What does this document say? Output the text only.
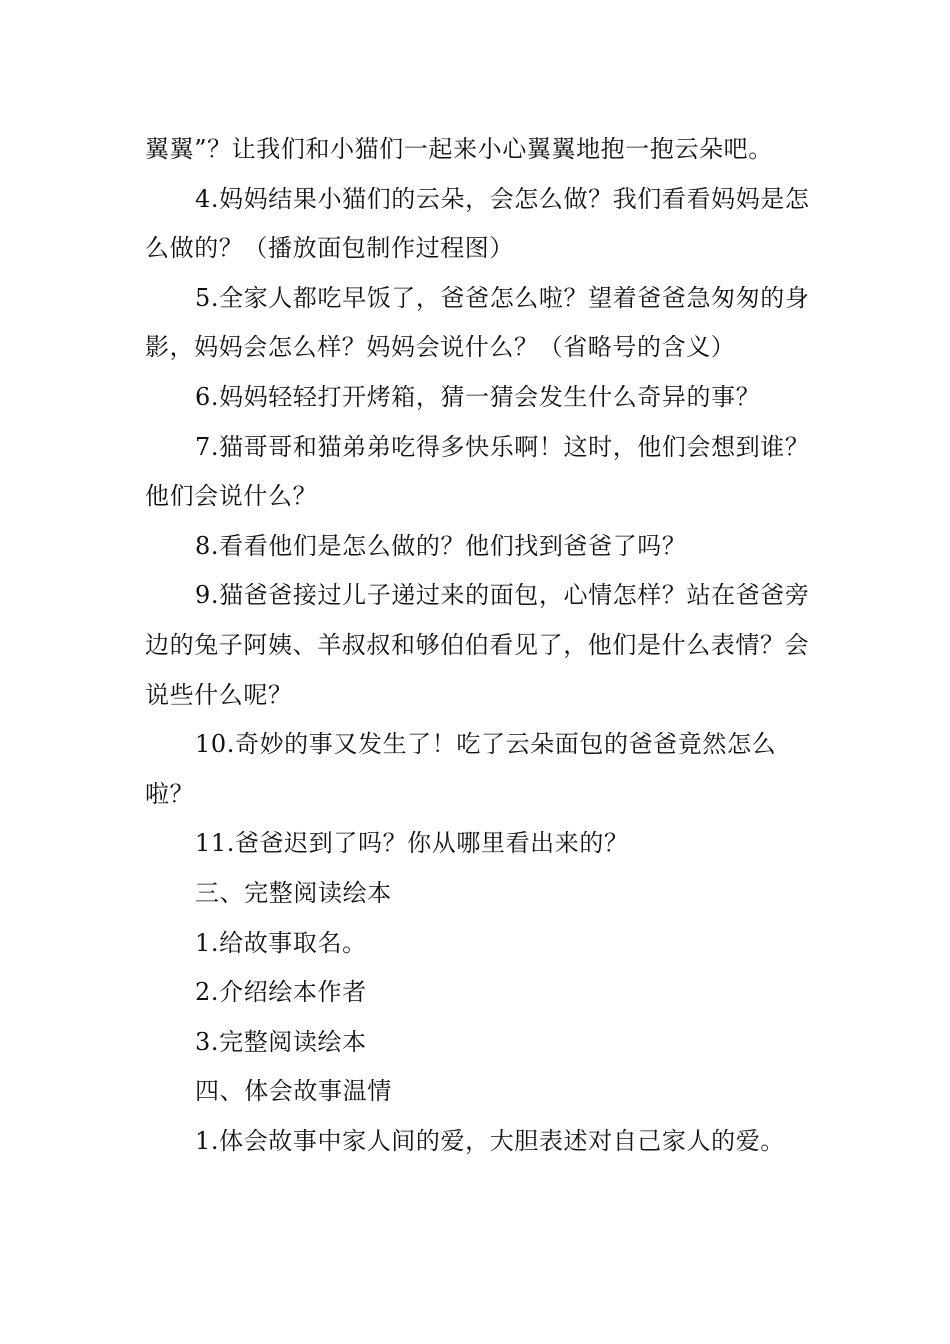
翼翼”？让我们和小猫们一起来小心翼翼地抱一抱云朵吧。

4.妈妈结果小猫们的云朵，会怎么做？我们看看妈妈是怎么做的？（播放面包制作过程图）

5.全家人都吃早饭了，爸爸怎么啦？望着爸爸急匆匆的身影，妈妈会怎么样？妈妈会说什么？（省略号的含义）

6.妈妈轻轻打开烤箱，猜一猜会发生什么奇异的事？

7.猫哥哥和猫弟弟吃得多快乐啊！这时，他们会想到谁？他们会说什么？

8.看看他们是怎么做的？他们找到爸爸了吗？

9.猫爸爸接过儿子递过来的面包，心情怎样？站在爸爸旁边的兔子阿姨、羊叔叔和够伯伯看见了，他们是什么表情？会说些什么呢？

10.奇妙的事又发生了！吃了云朵面包的爸爸竟然怎么啦？

11.爸爸迟到了吗？你从哪里看出来的？

三、完整阅读绘本

1.给故事取名。

2.介绍绘本作者

3.完整阅读绘本

四、体会故事温情

1.体会故事中家人间的爱，大胆表述对自己家人的爱。
